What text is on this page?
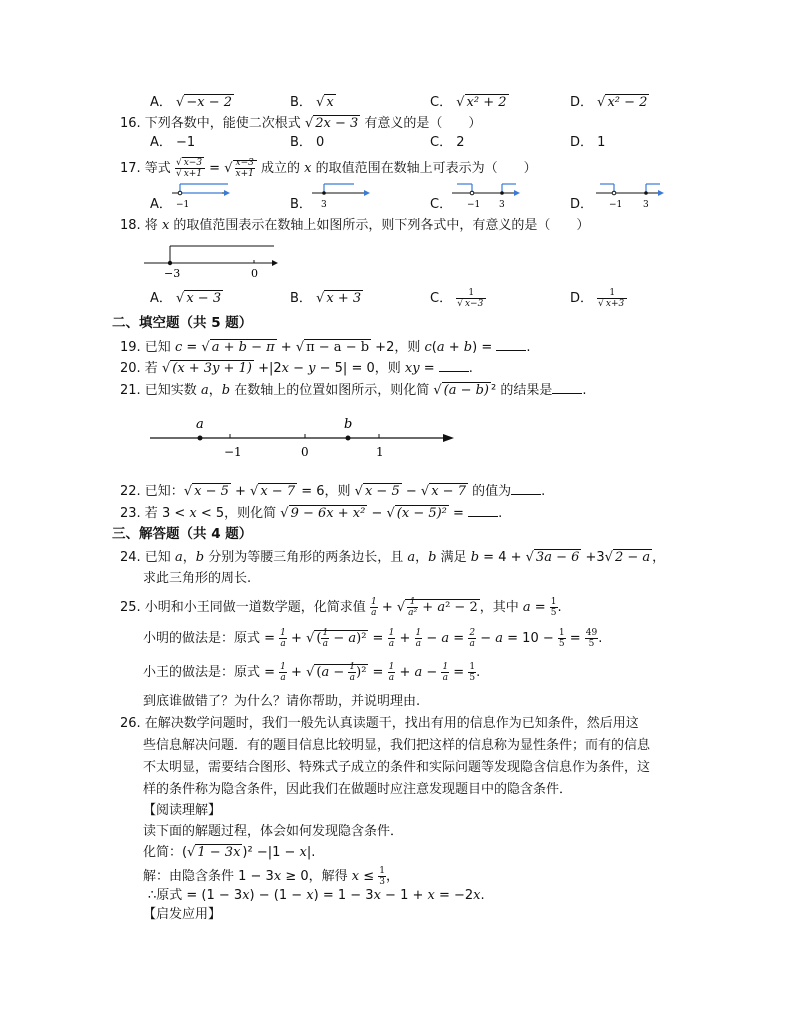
A． √ −x − 2	B． √ x	C． √ x² + 2	D． √ x² − 2
16. 下列各数中，能使二次根式 √ 2x − 3 有意义的是（　　）
A． −1	B． 0	C． 2	D． 1
17. 等式 $\frac{√ x-3}{√ x+1}$ = √ $\frac{x-3}{x+1}$ 成立的 x 的取值范围在数轴上可表示为（　　）
A．	B．	C．	D．
−1	3	−1 3	−1 3
18. 将 x 的取值范围表示在数轴上如图所示，则下列各式中，有意义的是（　　）
−3	0
A． √ x − 3	B． √ x + 3	C． $\frac{1}{√ x-3}$	D． $\frac{1}{√ x+3}$
二、填空题（共 5 题）
19. 已知 c = √ a + b − π + √ π − a − b +2，则 c(a + b) = .
20. 若 √ (x + 3y + 1) +|2x − y − 5| = 0，则 xy = .
21. 已知实数 a，b 在数轴上的位置如图所示，则化简 √ (a − b) ² 的结果是 .
a	b
−1	0	1
22. 已知：√ x − 5 + √ x − 7 = 6，则 √ x − 5 − √ x − 7 的值为 .
23. 若 3 < x < 5，则化简 √ 9 − 6x + x² − √ (x − 5)² = .
三、解答题（共 4 题）
24. 已知 a，b 分别为等腰三角形的两条边长，且 a，b 满足 b = 4 + √ 3a − 6 +3√ 2 − a ，
求此三角形的周长.
25. 小明和小王同做一道数学题，化简求值 $\frac{1}{a}$ + √ $\frac{1}{\text{a²}} + a^2 - 2$ ，其中 $a = \frac{1}{5}$ .
小明的做法是：原式 = $\frac{1}{a}$ + √ ( $\frac{1}{a} - a)^2 = \frac{1}{a} + \frac{1}{a} - a = \frac{2}{a} - a = 10 - \frac{1}{5} = \frac{49}{5}$ .
小王的做法是：原式 = $\frac{1}{a}$ + √ $(a - \frac{1}{a} )^2 = \frac{1}{a} + a - \frac{1}{a} = \frac{1}{5}$ .
到底谁做错了？为什么？请你帮助，并说明理由.
26. 在解决数学问题时，我们一般先认真读题干，找出有用的信息作为已知条件，然后用这
些信息解决问题．有的题目信息比较明显，我们把这样的信息称为显性条件；而有的信息
不太明显，需要结合图形、特殊式子成立的条件和实际问题等发现隐含信息作为条件，这
样的条件称为隐含条件，因此我们在做题时应注意发现题目中的隐含条件．
【阅读理解】
读下面的解题过程，体会如何发现隐含条件．
化简：(√ 1 − 3x )² −|1 − x|.
解：由隐含条件 1 − 3x ≥ 0，解得 $x \le \frac{1}{3}$ ，
∴原式 = (1 − 3x) − (1 − x) = 1 − 3x − 1 + x = −2x.
【启发应用】
